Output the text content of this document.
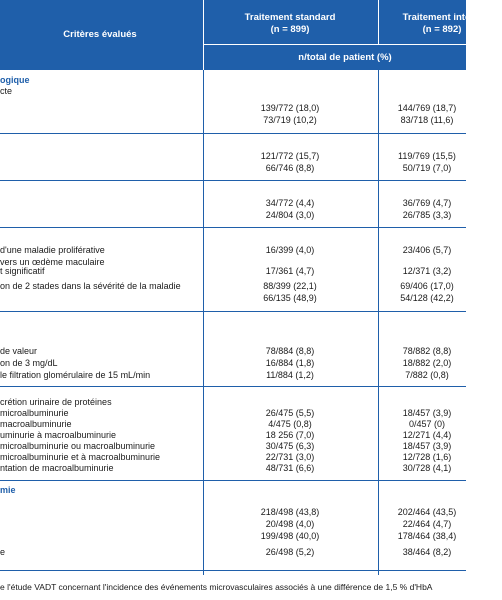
Critères évalués
Traitement standard
(n = 899)
Traitement intens
(n = 892)
n/total de patient (%)
ogique
cte
139/772 (18,0)	144/769 (18,7)
73/719 (10,2)	83/718 (11,6)
121/772 (15,7)	119/769 (15,5)
66/746 (8,8)	50/719 (7,0)
34/772 (4,4)	36/769 (4,7)
24/804 (3,0)	26/785 (3,3)
d'une maladie proliférative	16/399 (4,0)	23/406 (5,7)
vers un œdème maculaire
t significatif	17/361 (4,7)	12/371 (3,2)
on de 2 stades dans la sévérité de la maladie	88/399 (22,1)	69/406 (17,0)
66/135 (48,9)	54/128 (42,2)
de valeur	78/884 (8,8)	78/882 (8,8)
on de 3 mg/dL	16/884 (1,8)	18/882 (2,0)
le filtration glomérulaire de 15 mL/min	11/884 (1,2)	7/882 (0,8)
crétion urinaire de protéines
microalbuminurie	26/475 (5,5)	18/457 (3,9)
macroalbuminurie	4/475 (0,8)	0/457 (0)
uminurie à macroalbuminurie	18 256 (7,0)	12/271 (4,4)
microalbuminurie ou macroalbuminurie	30/475 (6,3)	18/457 (3,9)
microalbuminurie et à macroalbuminurie	22/731 (3,0)	12/728 (1,6)
ntation de macroalbuminurie	48/731 (6,6)	30/728 (4,1)
mie
218/498 (43,8)	202/464 (43,5)
20/498 (4,0)	22/464 (4,7)
199/498 (40,0)	178/464 (38,4)
e	26/498 (5,2)	38/464 (8,2)
e l'étude VADT concernant l'incidence des événements microvasculaires associés à une différence de 1,5 % d'HbA
